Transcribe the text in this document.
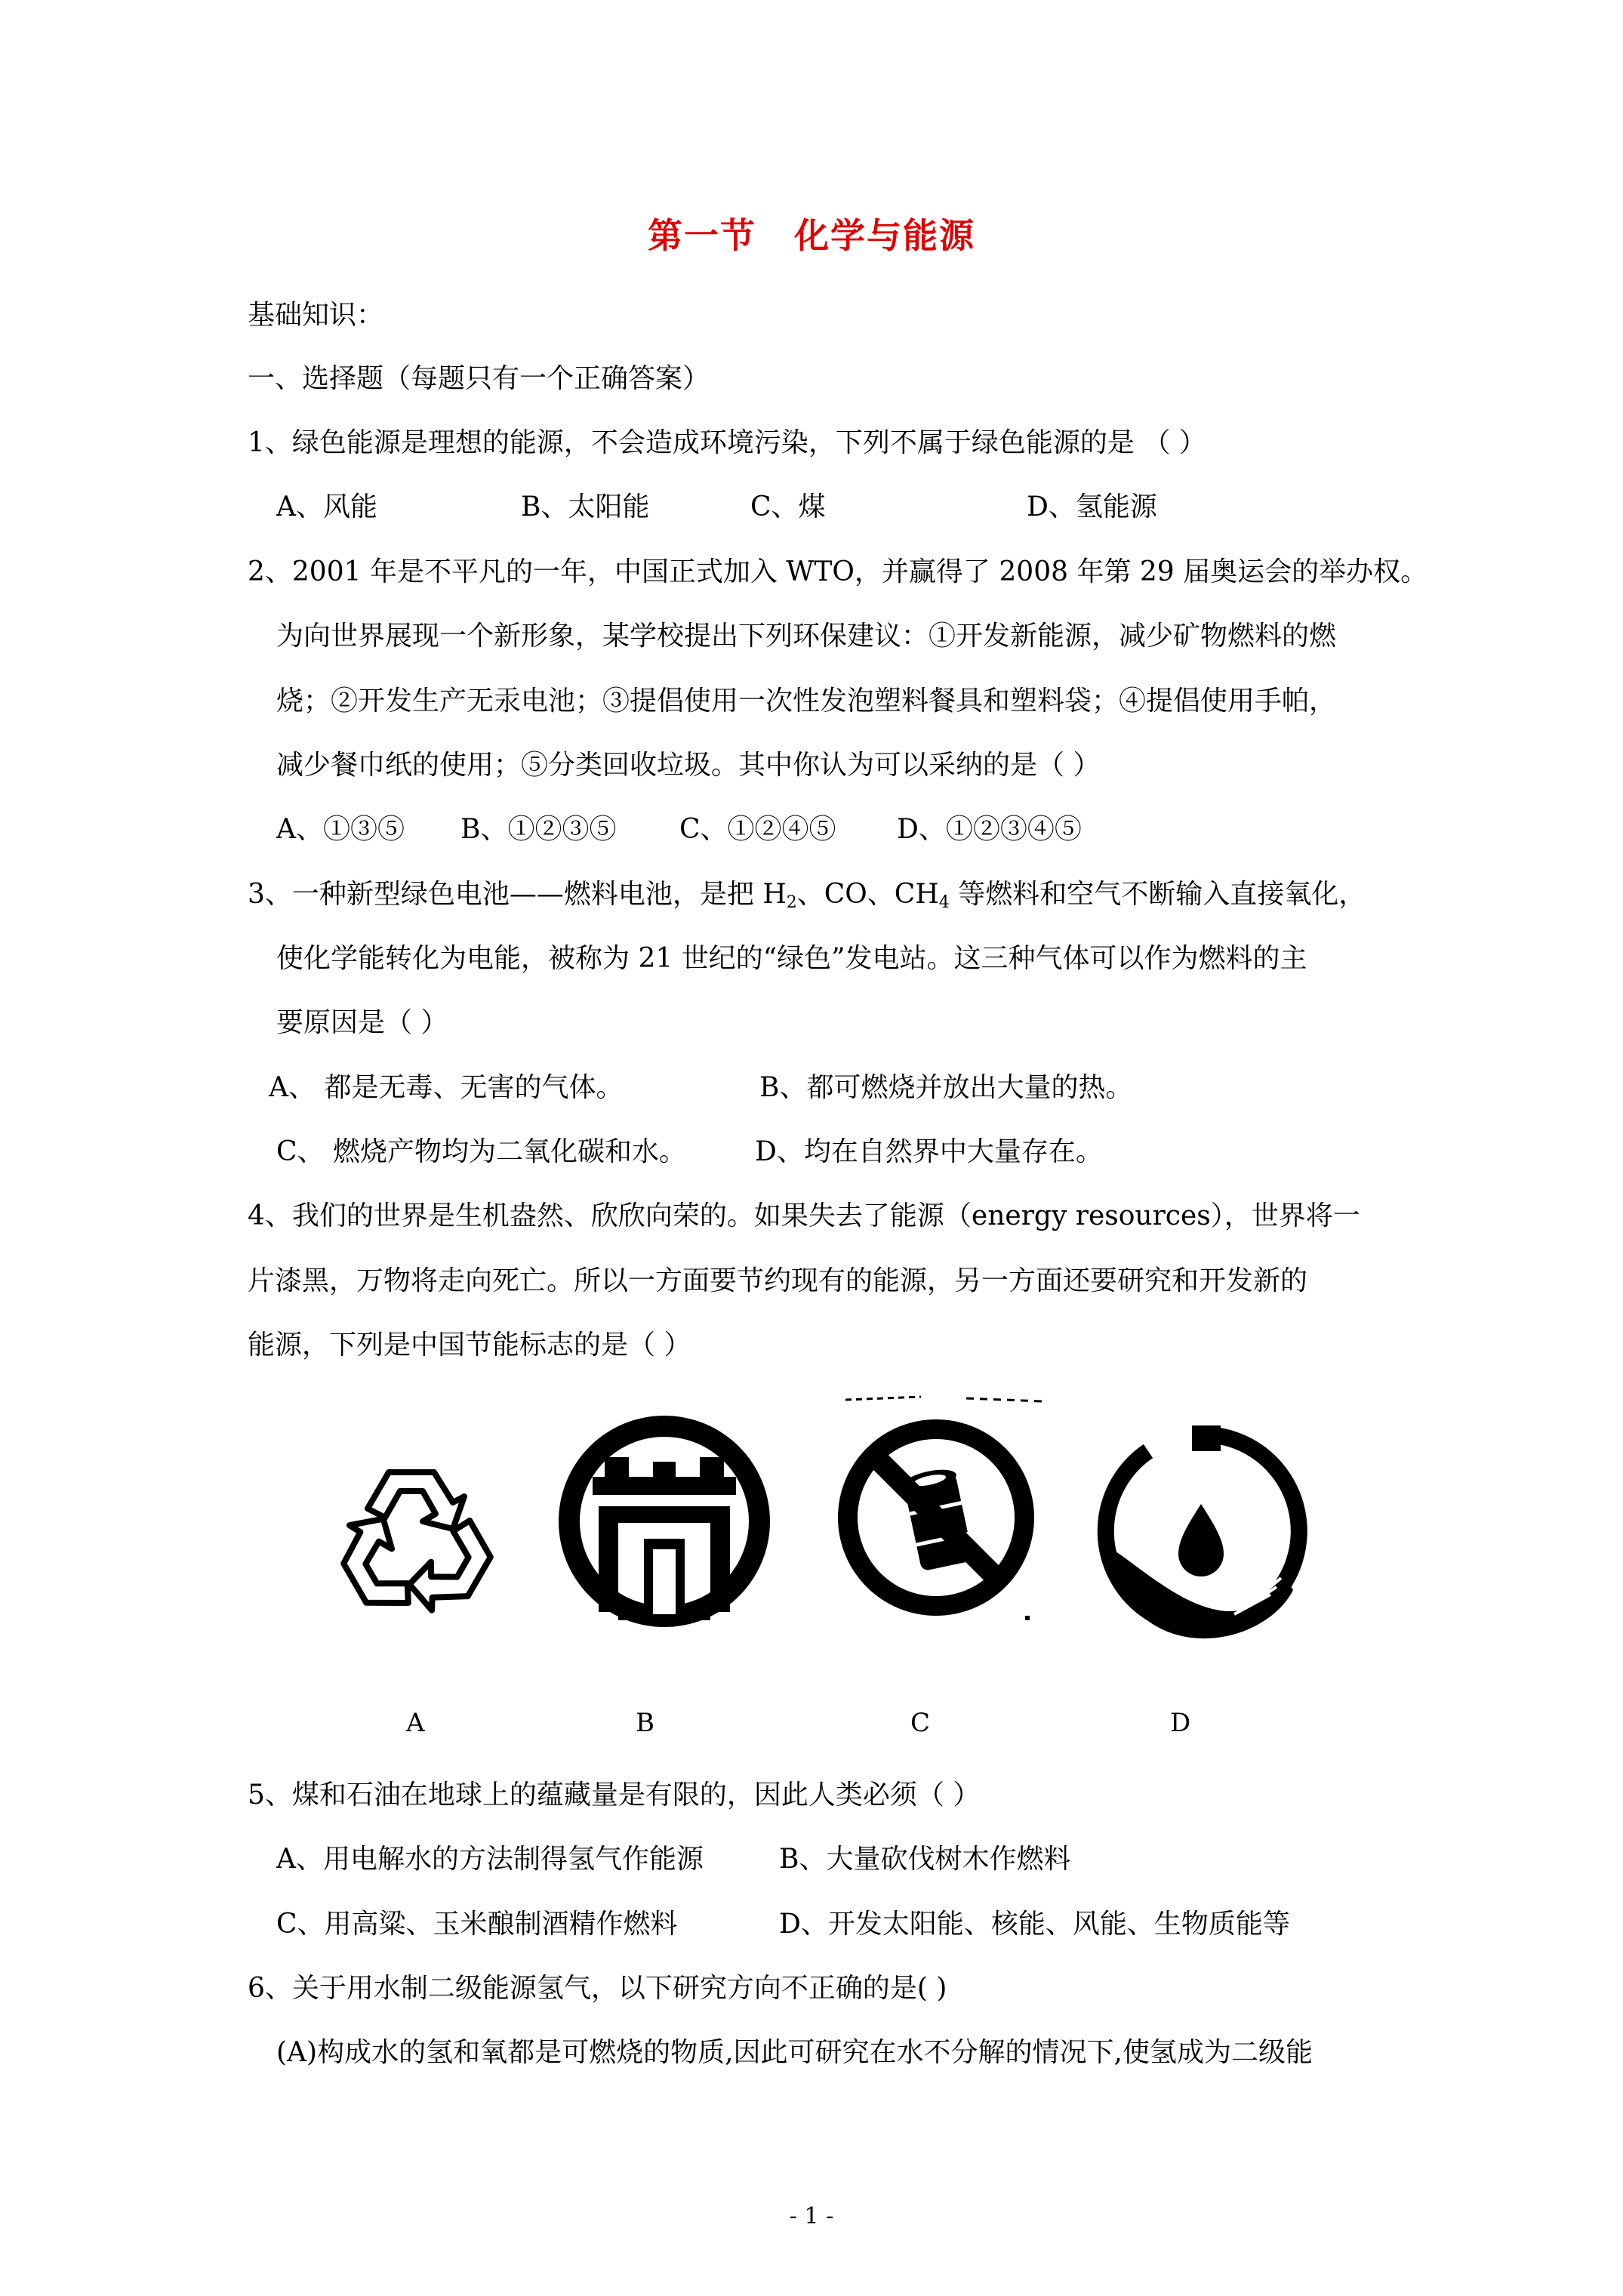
第一节 化学与能源
基础知识：
一、选择题（每题只有一个正确答案）
1、绿色能源是理想的能源，不会造成环境污染，下列不属于绿色能源的是 （ ）
A、风能	B、太阳能	C、煤	D、氢能源
2、2001 年是不平凡的一年，中国正式加入 WTO，并赢得了 2008 年第 29 届奥运会的举办权。
为向世界展现一个新形象，某学校提出下列环保建议：①开发新能源，减少矿物燃料的燃
烧；②开发生产无汞电池；③提倡使用一次性发泡塑料餐具和塑料袋；④提倡使用手帕，
减少餐巾纸的使用；⑤分类回收垃圾。其中你认为可以采纳的是（ ）
A、①③⑤ B、①②③⑤ C、①②④⑤ D、①②③④⑤
3、一种新型绿色电池——燃料电池，是把 $H_2$、CO、$CH_4$ 等燃料和空气不断输入直接氧化，
使化学能转化为电能，被称为 21 世纪的“绿色”发电站。这三种气体可以作为燃料的主
要原因是（ ）
A、 都是无毒、无害的气体。	B、都可燃烧并放出大量的热。
C、 燃烧产物均为二氧化碳和水。	D、均在自然界中大量存在。
4、我们的世界是生机盎然、欣欣向荣的。如果失去了能源（energy resources），世界将一
片漆黑，万物将走向死亡。所以一方面要节约现有的能源，另一方面还要研究和开发新的
能源，下列是中国节能标志的是（ ）
A	B	C	D
5、煤和石油在地球上的蕴藏量是有限的，因此人类必须（ ）
A、用电解水的方法制得氢气作能源	B、大量砍伐树木作燃料
C、用高粱、玉米酿制酒精作燃料	D、开发太阳能、核能、风能、生物质能等
6、关于用水制二级能源氢气，以下研究方向不正确的是( )
(A)构成水的氢和氧都是可燃烧的物质,因此可研究在水不分解的情况下,使氢成为二级能
- 1 -
